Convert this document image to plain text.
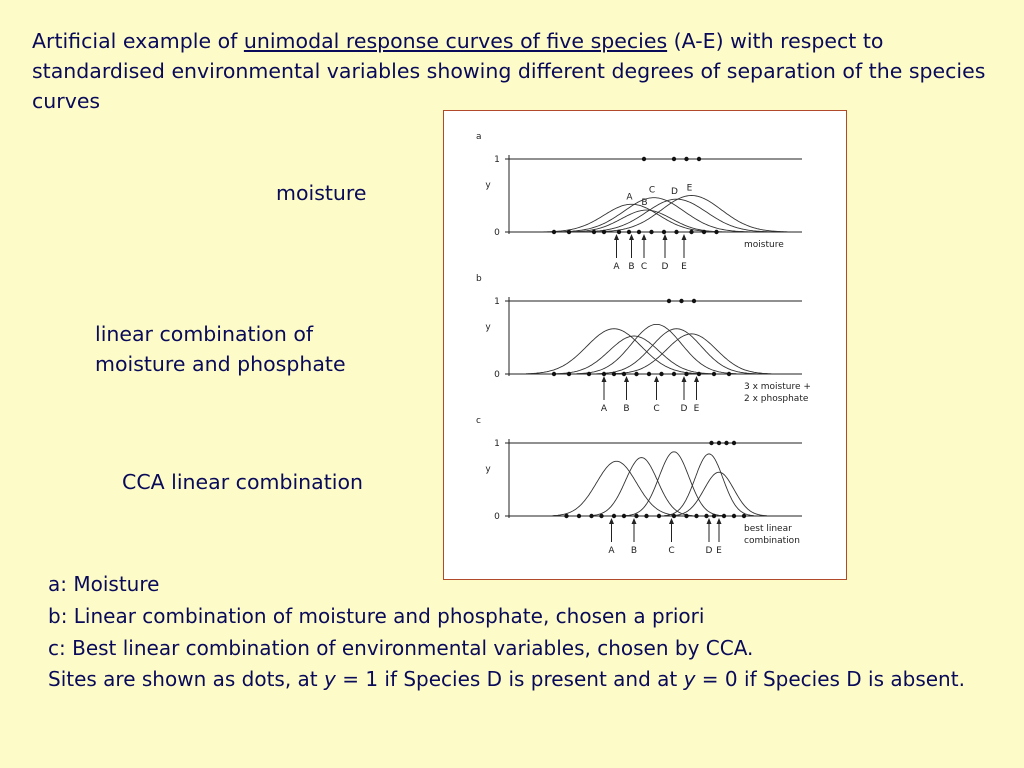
Artificial example of unimodal response curves of five species (A-E) with respect to standardised environmental variables showing different degrees of separation of the species curves
moisture
linear combination of moisture and phosphate
CCA linear combination
a
1
0
y
A
B
C D E
A B C D E
moisture
b
1
0
y
A B	C D E
3 x moisture +
2 x phosphate
c
1
0
y
A B	C	D E
best linear
combination

a: Moisture

b: Linear combination of moisture and phosphate, chosen a priori

c: Best linear combination of environmental variables, chosen by CCA.

Sites are shown as dots, at y = 1 if Species D is present and at y = 0 if Species D is absent.
